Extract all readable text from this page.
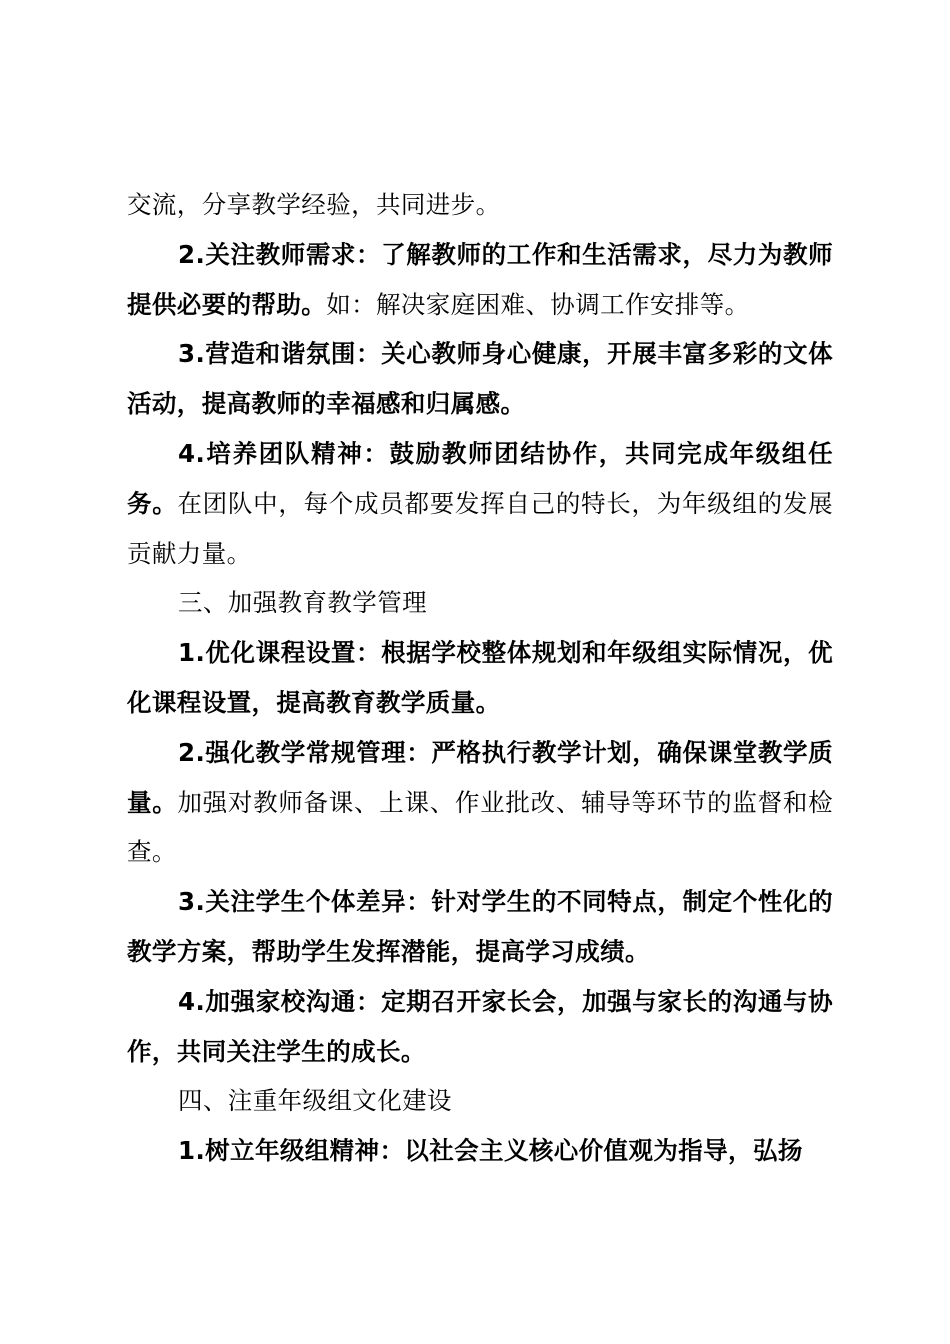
交流，分享教学经验，共同进步。

2.关注教师需求：了解教师的工作和生活需求，尽力为教师提供必要的帮助。如：解决家庭困难、协调工作安排等。

3.营造和谐氛围：关心教师身心健康，开展丰富多彩的文体活动，提高教师的幸福感和归属感。

4.培养团队精神：鼓励教师团结协作，共同完成年级组任务。在团队中，每个成员都要发挥自己的特长，为年级组的发展贡献力量。

三、加强教育教学管理

1.优化课程设置：根据学校整体规划和年级组实际情况，优化课程设置，提高教育教学质量。

2.强化教学常规管理：严格执行教学计划，确保课堂教学质量。加强对教师备课、上课、作业批改、辅导等环节的监督和检查。

3.关注学生个体差异：针对学生的不同特点，制定个性化的教学方案，帮助学生发挥潜能，提高学习成绩。

4.加强家校沟通：定期召开家长会，加强与家长的沟通与协作，共同关注学生的成长。

四、注重年级组文化建设

1.树立年级组精神：以社会主义核心价值观为指导，弘扬
